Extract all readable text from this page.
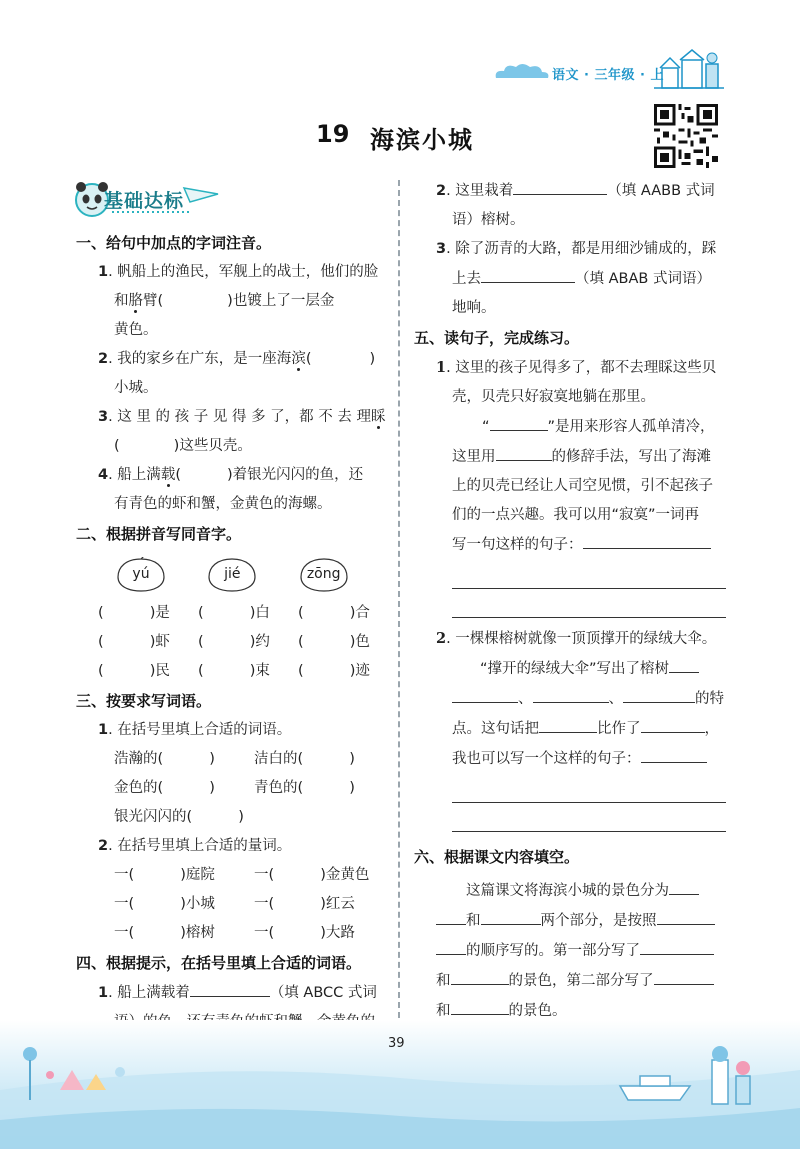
语文 · 三年级 · 上
19 海滨小城
基础达标

一、给句中加点的字词注音。

1. 帆船上的渔民，军舰上的战士，他们的脸

和胳臂(	)也镀上了一层金

黄色。

2. 我的家乡在广东，是一座海滨(	)

小城。

3. 这 里 的 孩 子 见 得 多 了，都 不 去 理睬

(	)这些贝壳。

4. 船上满载(	)着银光闪闪的鱼，还

有青色的虾和蟹，金黄色的海螺。

二、根据拼音写同音字。

yú	jié	zōng
(          )是	(          )白	(          )合
(          )虾	(          )约	(          )色
(          )民	(          )束	(          )迹

三、按要求写词语。

1. 在括号里填上合适的词语。

浩瀚的(          )	洁白的(          )
金色的(          )	青色的(          )
银光闪闪的(          )

2. 在括号里填上合适的量词。

一(          )庭院	一(          )金黄色
一(          )小城	一(          )红云
一(          )榕树	一(          )大路

四、根据提示，在括号里填上合适的词语。

1. 船上满载着	（填 ABCC 式词

2. 这里栽着	（填 AABB 式词

语）榕树。

3. 除了沥青的大路，都是用细沙铺成的，踩

上去	（填 ABAB 式词语）

地响。

五、读句子，完成练习。

1. 这里的孩子见得多了，都不去理睬这些贝

壳，贝壳只好寂寞地躺在那里。

“	”是用来形容人孤单清冷，

这里用	的修辞手法，写出了海滩

上的贝壳已经让人司空见惯，引不起孩子

们的一点兴趣。我可以用“寂寞”一词再

写一句这样的句子：

2. 一棵棵榕树就像一顶顶撑开的绿绒大伞。

“撑开的绿绒大伞”写出了榕树

、	、	的特

点。这句话把	比作了	，

我也可以写一个这样的句子：

六、根据课文内容填空。

这篇课文将海滨小城的景色分为

和	两个部分，是按照

的顺序写的。第一部分写了

和	的景色，第二部分写了

和	的景色。

39
